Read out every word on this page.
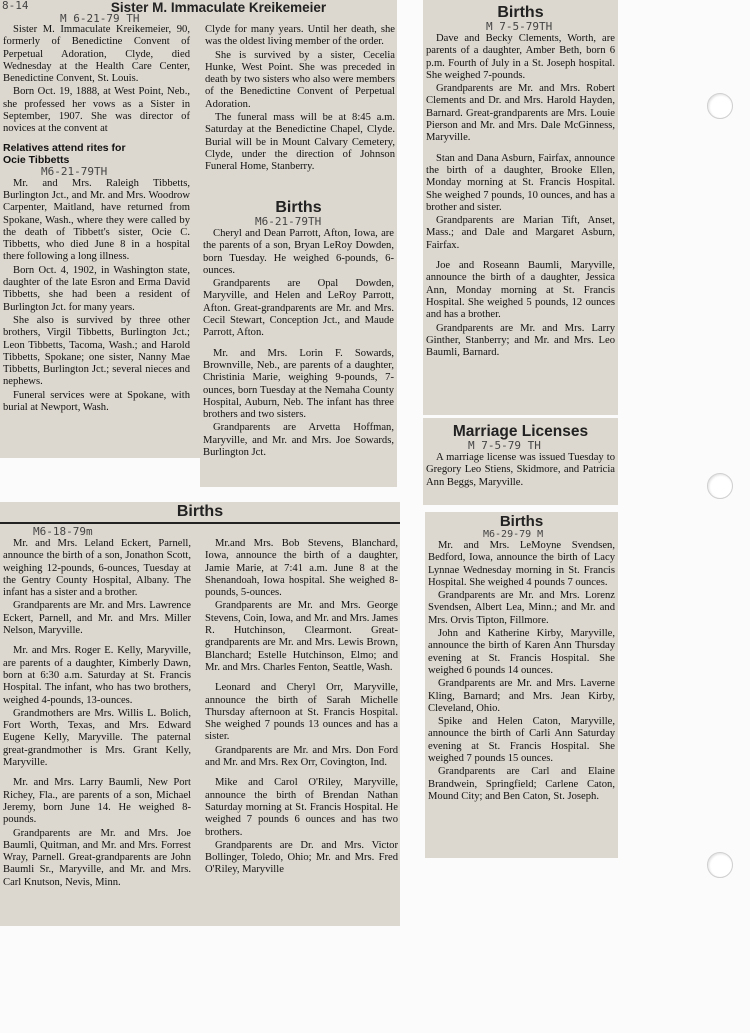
8-14	Sister M. Immaculate Kreikemeier
M 6-21-79 TH

Sister M. Immaculate Kreikemeier, 90, formerly of Benedictine Convent of Perpetual Adoration, Clyde, died Wednesday at the Health Care Center, Benedictine Convent, St. Louis.

Born Oct. 19, 1888, at West Point, Neb., she professed her vows as a Sister in September, 1907. She was director of novices at the convent at

Relatives attend rites for Ocie Tibbetts
M6-21-79TH

Mr. and Mrs. Raleigh Tibbetts, Burlington Jct., and Mr. and Mrs. Woodrow Carpenter, Maitland, have returned from Spokane, Wash., where they were called by the death of Tibbett's sister, Ocie C. Tibbetts, who died June 8 in a hospital there following a long illness.

Born Oct. 4, 1902, in Washington state, daughter of the late Esron and Erma David Tibbetts, she had been a resident of Burlington Jct. for many years.

She also is survived by three other brothers, Virgil Tibbetts, Burlington Jct.; Leon Tibbetts, Tacoma, Wash.; and Harold Tibbetts, Spokane; one sister, Nanny Mae Tibbetts, Burlington Jct.; several nieces and nephews.

Funeral services were at Spokane, with burial at Newport, Wash.

Clyde for many years. Until her death, she was the oldest living member of the order.

She is survived by a sister, Cecelia Hunke, West Point. She was preceded in death by two sisters who also were members of the Benedictine Convent of Perpetual Adoration.

The funeral mass will be at 8:45 a.m. Saturday at the Benedictine Chapel, Clyde. Burial will be in Mount Calvary Cemetery, Clyde, under the direction of Johnson Funeral Home, Stanberry.

Births
M6-21-79TH

Cheryl and Dean Parrott, Afton, Iowa, are the parents of a son, Bryan LeRoy Dowden, born Tuesday. He weighed 6-pounds, 6-ounces.

Grandparents are Opal Dowden, Maryville, and Helen and LeRoy Parrott, Afton. Great-grandparents are Mr. and Mrs. Cecil Stewart, Conception Jct., and Maude Parrott, Afton.

Mr. and Mrs. Lorin F. Sowards, Brownville, Neb., are parents of a daughter, Christinia Marie, weighing 9-pounds, 7-ounces, born Tuesday at the Nemaha County Hospital, Auburn, Neb. The infant has three brothers and two sisters.

Grandparents are Arvetta Hoffman, Maryville, and Mr. and Mrs. Joe Sowards, Burlington Jct.

Births
M 7-5-79TH

Dave and Becky Clements, Worth, are parents of a daughter, Amber Beth, born 6 p.m. Fourth of July in a St. Joseph hospital. She weighed 7-pounds.

Grandparents are Mr. and Mrs. Robert Clements and Dr. and Mrs. Harold Hayden, Barnard. Great-grandparents are Mrs. Louie Pierson and Mr. and Mrs. Dale McGinness, Maryville.

Stan and Dana Asburn, Fairfax, announce the birth of a daughter, Brooke Ellen, Monday morning at St. Francis Hospital. She weighed 7 pounds, 10 ounces, and has a brother and sister.

Grandparents are Marian Tift, Anset, Mass.; and Dale and Margaret Asburn, Fairfax.

Joe and Roseann Baumli, Maryville, announce the birth of a daughter, Jessica Ann, Monday morning at St. Francis Hospital. She weighed 5 pounds, 12 ounces and has a brother.

Grandparents are Mr. and Mrs. Larry Ginther, Stanberry; and Mr. and Mrs. Leo Baumli, Barnard.

Marriage Licenses
M 7-5-79 TH

A marriage license was issued Tuesday to Gregory Leo Stiens, Skidmore, and Patricia Ann Beggs, Maryville.

Births
M6-18-79m

Mr. and Mrs. Leland Eckert, Parnell, announce the birth of a son, Jonathon Scott, weighing 12-pounds, 6-ounces, Tuesday at the Gentry County Hospital, Albany. The infant has a sister and a brother.

Grandparents are Mr. and Mrs. Lawrence Eckert, Parnell, and Mr. and Mrs. Miller Nelson, Maryville.

Mr. and Mrs. Roger E. Kelly, Maryville, are parents of a daughter, Kimberly Dawn, born at 6:30 a.m. Saturday at St. Francis Hospital. The infant, who has two brothers, weighed 4-pounds, 13-ounces.

Grandmothers are Mrs. Willis L. Bolich, Fort Worth, Texas, and Mrs. Edward Eugene Kelly, Maryville. The paternal great-grandmother is Mrs. Grant Kelly, Maryville.

Mr. and Mrs. Larry Baumli, New Port Richey, Fla., are parents of a son, Michael Jeremy, born June 14. He weighed 8-pounds.

Grandparents are Mr. and Mrs. Joe Baumli, Quitman, and Mr. and Mrs. Forrest Wray, Parnell. Great-grandparents are John Baumli Sr., Maryville, and Mr. and Mrs. Carl Knutson, Nevis, Minn.

Mr.and Mrs. Bob Stevens, Blanchard, Iowa, announce the birth of a daughter, Jamie Marie, at 7:41 a.m. June 8 at the Shenandoah, Iowa hospital. She weighed 8-pounds, 5-ounces.

Grandparents are Mr. and Mrs. George Stevens, Coin, Iowa, and Mr. and Mrs. James R. Hutchinson, Clearmont. Great-grandparents are Mr. and Mrs. Lewis Brown, Blanchard; Estelle Hutchinson, Elmo; and Mr. and Mrs. Charles Fenton, Seattle, Wash.

Leonard and Cheryl Orr, Maryville, announce the birth of Sarah Michelle Thursday afternoon at St. Francis Hospital. She weighed 7 pounds 13 ounces and has a sister.

Grandparents are Mr. and Mrs. Don Ford and Mr. and Mrs. Rex Orr, Covington, Ind.

Mike and Carol O'Riley, Maryville, announce the birth of Brendan Nathan Saturday morning at St. Francis Hospital. He weighed 7 pounds 6 ounces and has two brothers.

Grandparents are Dr. and Mrs. Victor Bollinger, Toledo, Ohio; Mr. and Mrs. Fred O'Riley, Maryville

Births
M6-29-79 M

Mr. and Mrs. LeMoyne Svendsen, Bedford, Iowa, announce the birth of Lacy Lynnae Wednesday morning in St. Francis Hospital. She weighed 4 pounds 7 ounces.

Grandparents are Mr. and Mrs. Lorenz Svendsen, Albert Lea, Minn.; and Mr. and Mrs. Orvis Tipton, Fillmore.

John and Katherine Kirby, Maryville, announce the birth of Karen Ann Thursday evening at St. Francis Hospital. She weighed 6 pounds 14 ounces.

Grandparents are Mr. and Mrs. Laverne Kling, Barnard; and Mrs. Jean Kirby, Cleveland, Ohio.

Spike and Helen Caton, Maryville, announce the birth of Carli Ann Saturday evening at St. Francis Hospital. She weighed 7 pounds 15 ounces.

Grandparents are Carl and Elaine Brandwein, Springfield; Carlene Caton, Mound City; and Ben Caton, St. Joseph.
